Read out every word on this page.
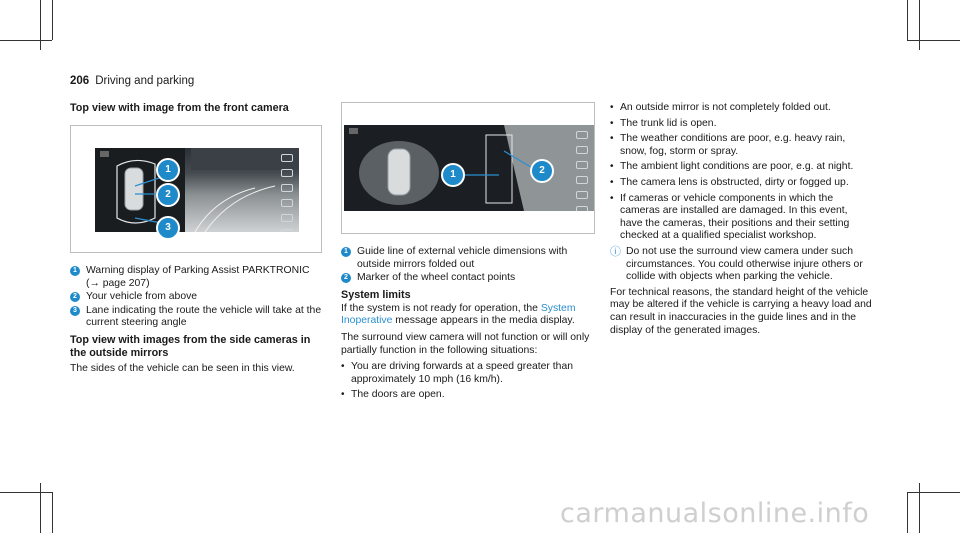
206 Driving and parking
Top view with image from the front camera
1
2
3
1 Warning display of Parking Assist PARKTRONIC (→ page 207)
2 Your vehicle from above
3 Lane indicating the route the vehicle will take at the current steering angle
Top view with images from the side cameras in the outside mirrors

The sides of the vehicle can be seen in this view.

1	2
1 Guide line of external vehicle dimensions with outside mirrors folded out
2 Marker of the wheel contact points
System limits

If the system is not ready for operation, the System Inoperative message appears in the media display.

The surround view camera will not function or will only partially function in the following situations:

• You are driving forwards at a speed greater than approximately 10 mph (16 km/h).
• The doors are open.
• An outside mirror is not completely folded out.
• The trunk lid is open.
• The weather conditions are poor, e.g. heavy rain, snow, fog, storm or spray.
• The ambient light conditions are poor, e.g. at night.
• The camera lens is obstructed, dirty or fogged up.
• If cameras or vehicle components in which the cameras are installed are damaged. In this event, have the cameras, their positions and their setting checked at a qualified specialist workshop.
ⓘ Do not use the surround view camera under such circumstances. You could otherwise injure others or collide with objects when parking the vehicle.

For technical reasons, the standard height of the vehicle may be altered if the vehicle is carrying a heavy load and can result in inaccuracies in the guide lines and in the display of the generated images.

carmanualsonline.info
